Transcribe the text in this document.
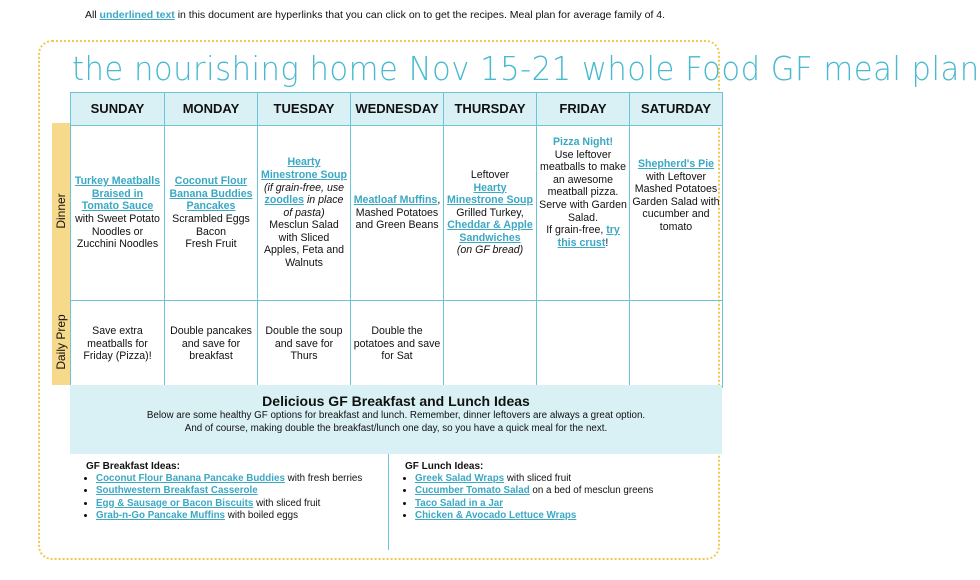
All underlined text in this document are hyperlinks that you can click on to get the recipes. Meal plan for average family of 4.
the nourishing home Nov 15-21 whole Food GF meal plan
Dinner
Daily Prep
SUNDAY	MONDAY	TUESDAY	WEDNESDAY	THURSDAY	FRIDAY	SATURDAY
Turkey Meatballs Braised in Tomato Sauce with Sweet Potato Noodles or Zucchini Noodles	Coconut Flour Banana Buddies Pancakes
Scrambled Eggs
Bacon
Fresh Fruit	Hearty Minestrone Soup
(if grain-free, use zoodles in place of pasta)
Mesclun Salad with Sliced Apples, Feta and Walnuts	Meatloaf Muffins,
Mashed Potatoes and Green Beans	Leftover
Hearty Minestrone Soup
Grilled Turkey,
Cheddar & Apple Sandwiches
(on GF bread)	Pizza Night!
Use leftover meatballs to make an awesome meatball pizza. Serve with Garden Salad.
If grain-free, try this crust!	Shepherd's Pie
with Leftover Mashed Potatoes Garden Salad with cucumber and tomato
Save extra meatballs for Friday (Pizza)!	Double pancakes and save for breakfast	Double the soup and save for Thurs	Double the potatoes and save for Sat			
Delicious GF Breakfast and Lunch Ideas
Below are some healthy GF options for breakfast and lunch. Remember, dinner leftovers are always a great option.
And of course, making double the breakfast/lunch one day, so you have a quick meal for the next.
GF Breakfast Ideas:
• Coconut Flour Banana Pancake Buddies with fresh berries
• Southwestern Breakfast Casserole
• Egg & Sausage or Bacon Biscuits with sliced fruit
• Grab-n-Go Pancake Muffins with boiled eggs
GF Lunch Ideas:
• Greek Salad Wraps with sliced fruit
• Cucumber Tomato Salad on a bed of mesclun greens
• Taco Salad in a Jar
• Chicken & Avocado Lettuce Wraps
